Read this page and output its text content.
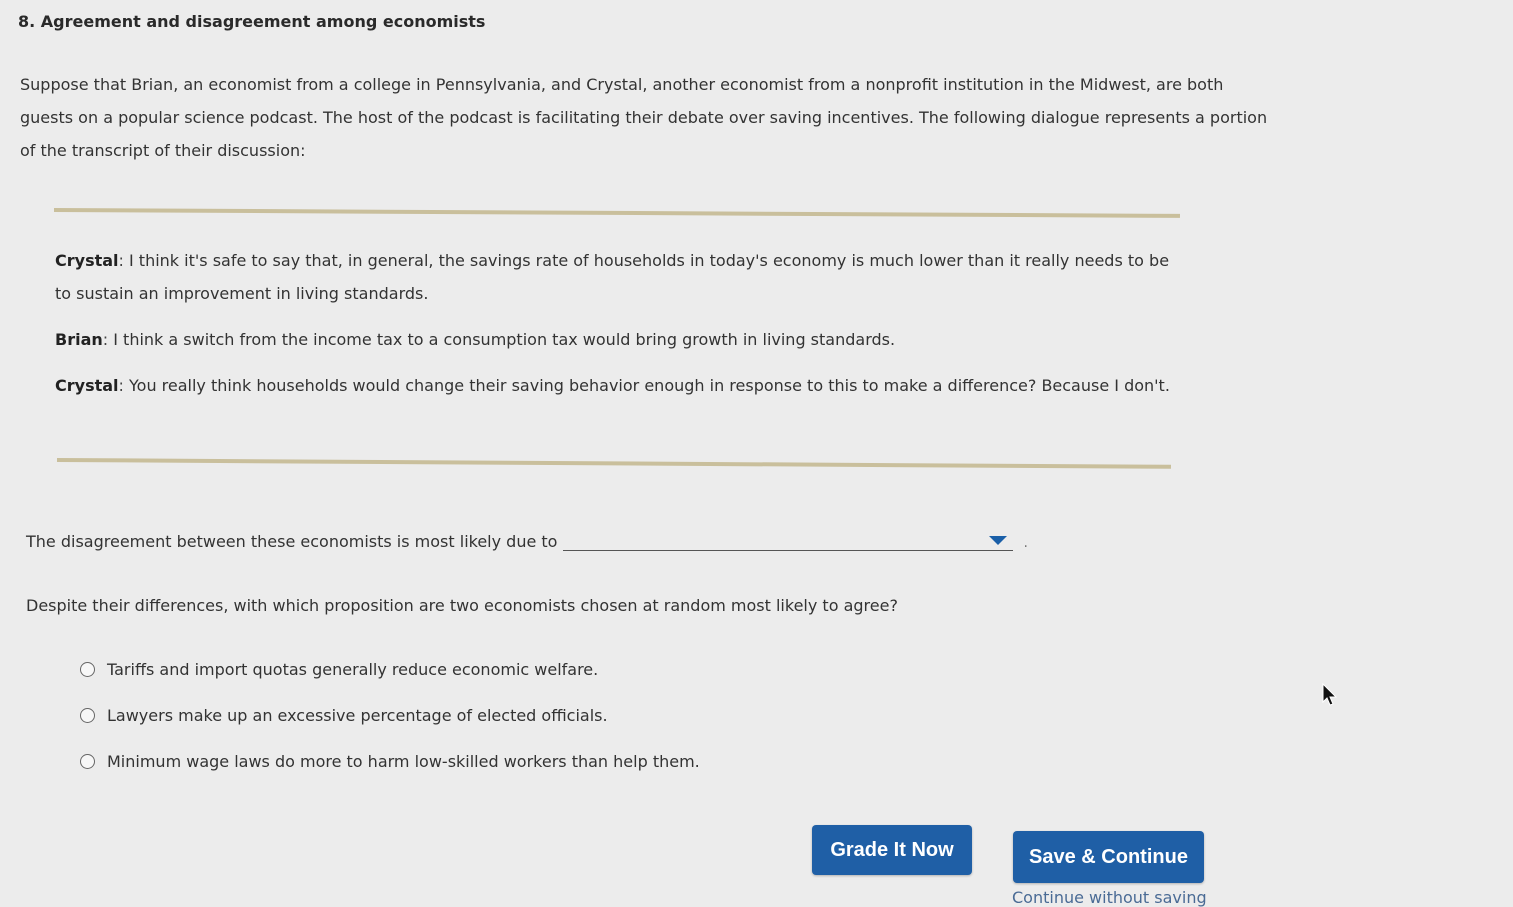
8. Agreement and disagreement among economists
Suppose that Brian, an economist from a college in Pennsylvania, and Crystal, another economist from a nonprofit institution in the Midwest, are both guests on a popular science podcast. The host of the podcast is facilitating their debate over saving incentives. The following dialogue represents a portion of the transcript of their discussion:
Crystal: I think it's safe to say that, in general, the savings rate of households in today's economy is much lower than it really needs to be to sustain an improvement in living standards.
Brian: I think a switch from the income tax to a consumption tax would bring growth in living standards.
Crystal: You really think households would change their saving behavior enough in response to this to make a difference? Because I don't.
The disagreement between these economists is most likely due to	.
Despite their differences, with which proposition are two economists chosen at random most likely to agree?
Tariffs and import quotas generally reduce economic welfare.
Lawyers make up an excessive percentage of elected officials.
Minimum wage laws do more to harm low-skilled workers than help them.
Grade It Now	Save & Continue
Continue without saving
